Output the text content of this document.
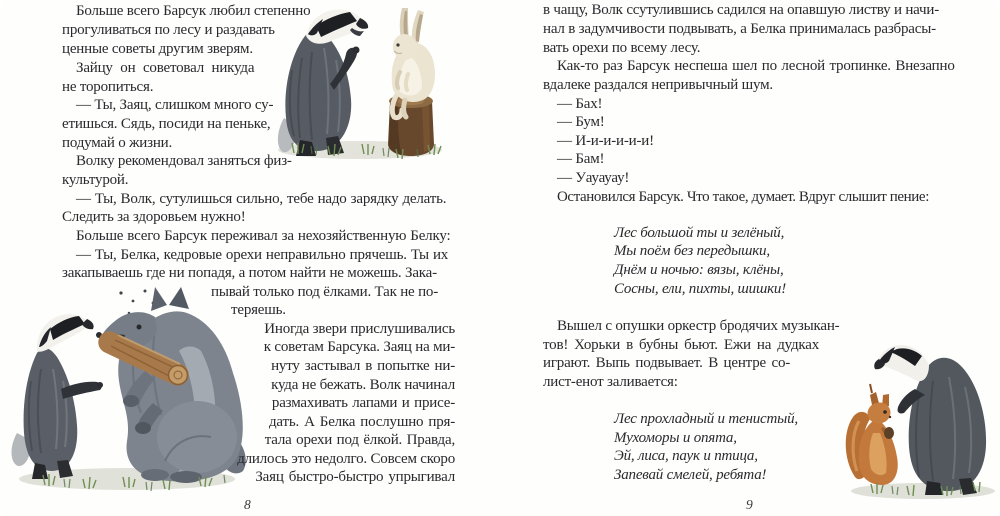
Больше всего Барсук любил степенно
прогуливаться по лесу и раздавать
ценные советы другим зверям.
Зайцу он советовал никуда
не торопиться.
— Ты, Заяц, слишком много су-
етишься. Сядь, посиди на пеньке,
подумай о жизни.
Волку рекомендовал заняться физ-
культурой.
— Ты, Волк, сутулишься сильно, тебе надо зарядку делать.
Следить за здоровьем нужно!
Больше всего Барсук переживал за нехозяйственную Белку:
— Ты, Белка, кедровые орехи неправильно прячешь. Ты их
закапываешь где ни попадя, а потом найти не можешь. Зака-
пывай только под ёлками. Так не по-
теряешь.
Иногда звери прислушивались
к советам Барсука. Заяц на ми-
нуту застывал в попытке ни-
куда не бежать. Волк начинал
размахивать лапами и присе-
дать. А Белка послушно пря-
тала орехи под ёлкой. Правда,
длилось это недолго. Совсем скоро
Заяц быстро-быстро упрыгивал
8
в чащу, Волк ссутулившись садился на опавшую листву и начи-
нал в задумчивости подвывать, а Белка принималась разбрасы-
вать орехи по всему лесу.
Как-то раз Барсук неспеша шел по лесной тропинке. Внезапно
вдалеке раздался непривычный шум.
— Бах!
— Бум!
— И-и-и-и-и-и!
— Бам!
— Уауауау!
Остановился Барсук. Что такое, думает. Вдруг слышит пение:
Лес большой ты и зелёный,
Мы поём без передышки,
Днём и ночью: вязы, клёны,
Сосны, ели, пихты, шишки!
Вышел с опушки оркестр бродячих музыкан-
тов! Хорьки в бубны бьют. Ежи на дудках
играют. Выпь подвывает. В центре со-
лист-енот заливается:
Лес прохладный и тенистый,
Мухоморы и опята,
Эй, лиса, паук и птица,
Запевай смелей, ребята!
9
